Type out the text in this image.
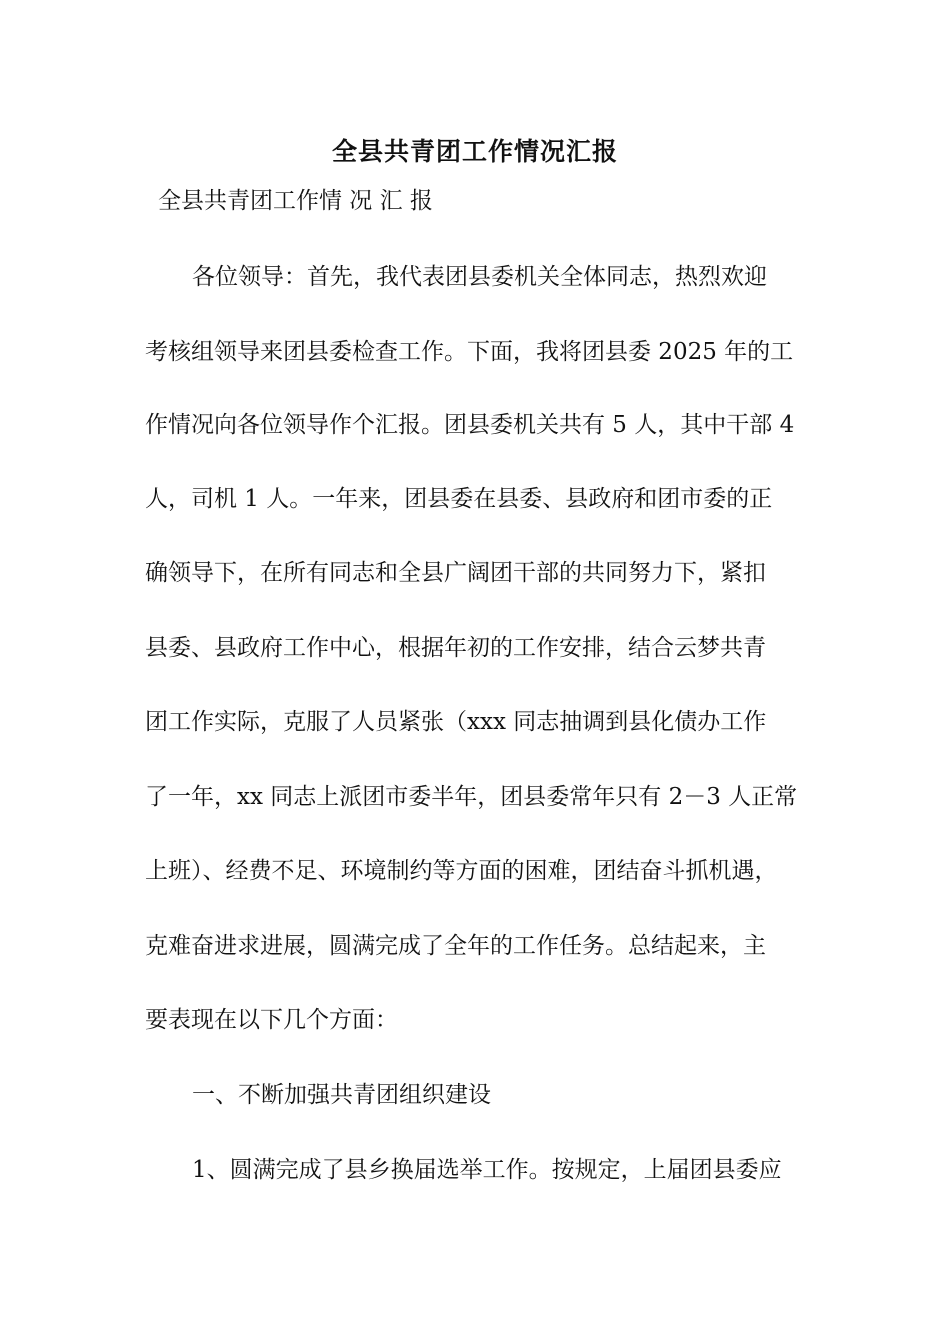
全县共青团工作情况汇报
全县共青团工作情 况 汇 报
各位领导：首先，我代表团县委机关全体同志，热烈欢迎
考核组领导来团县委检查工作。下面，我将团县委 2025 年的工
作情况向各位领导作个汇报。团县委机关共有 5 人，其中干部 4
人，司机 1 人。一年来，团县委在县委、县政府和团市委的正
确领导下，在所有同志和全县广阔团干部的共同努力下，紧扣
县委、县政府工作中心，根据年初的工作安排，结合云梦共青
团工作实际，克服了人员紧张（xxx 同志抽调到县化债办工作
了一年，xx 同志上派团市委半年，团县委常年只有 2－3 人正常
上班）、经费不足、环境制约等方面的困难，团结奋斗抓机遇，
克难奋进求进展，圆满完成了全年的工作任务。总结起来，主
要表现在以下几个方面：
一、不断加强共青团组织建设
1、圆满完成了县乡换届选举工作。按规定，上届团县委应
